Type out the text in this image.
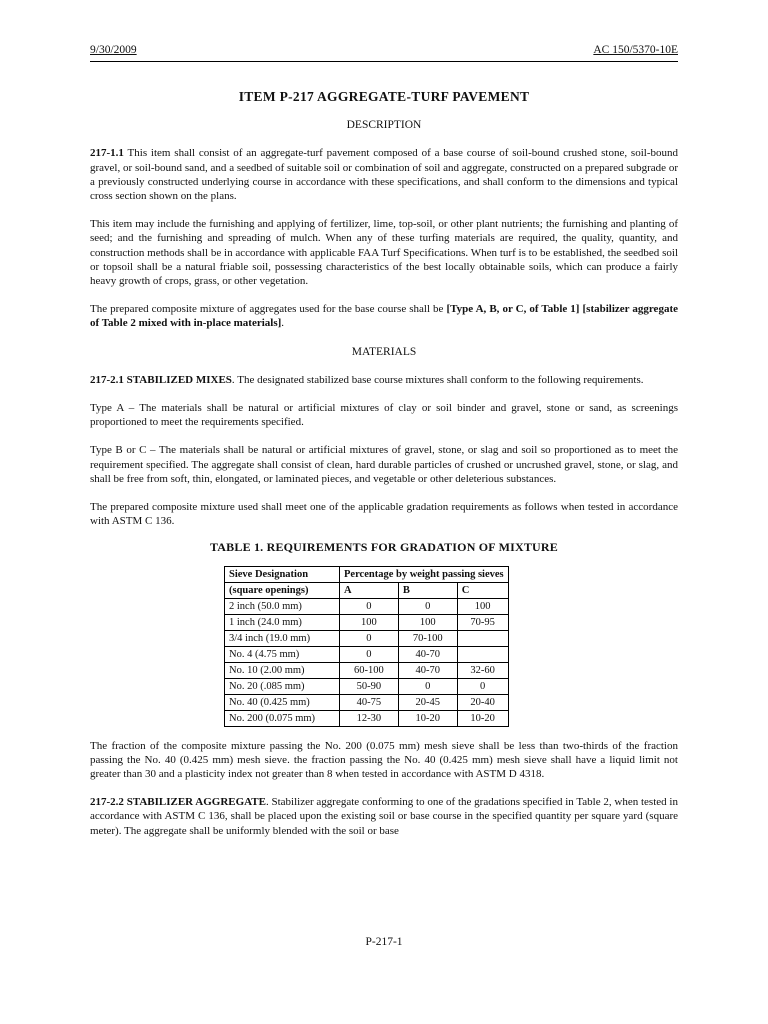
9/30/2009	AC 150/5370-10E
ITEM P-217 AGGREGATE-TURF PAVEMENT
DESCRIPTION

217-1.1 This item shall consist of an aggregate-turf pavement composed of a base course of soil-bound crushed stone, soil-bound gravel, or soil-bound sand, and a seedbed of suitable soil or combination of soil and aggregate, constructed on a prepared subgrade or a previously constructed underlying course in accordance with these specifications, and shall conform to the dimensions and typical cross section shown on the plans.

This item may include the furnishing and applying of fertilizer, lime, top-soil, or other plant nutrients; the furnishing and planting of seed; and the furnishing and spreading of mulch. When any of these turfing materials are required, the quality, quantity, and construction methods shall be in accordance with applicable FAA Turf Specifications. When turf is to be established, the seedbed soil or topsoil shall be a natural friable soil, possessing characteristics of the best locally obtainable soils, which can produce a fairly heavy growth of crops, grass, or other vegetation.

The prepared composite mixture of aggregates used for the base course shall be [Type A, B, or C, of Table 1] [stabilizer aggregate of Table 2 mixed with in-place materials].

MATERIALS

217-2.1 STABILIZED MIXES. The designated stabilized base course mixtures shall conform to the following requirements.

Type A – The materials shall be natural or artificial mixtures of clay or soil binder and gravel, stone or sand, as screenings proportioned to meet the requirements specified.

Type B or C – The materials shall be natural or artificial mixtures of gravel, stone, or slag and soil so proportioned as to meet the requirement specified. The aggregate shall consist of clean, hard durable particles of crushed or uncrushed gravel, stone, or slag, and shall be free from soft, thin, elongated, or laminated pieces, and vegetable or other deleterious substances.

The prepared composite mixture used shall meet one of the applicable gradation requirements as follows when tested in accordance with ASTM C 136.

TABLE 1. REQUIREMENTS FOR GRADATION OF MIXTURE
Sieve Designation	Percentage by weight passing sieves		
(square openings)	A	B	C
2 inch (50.0 mm)	0	0	100
1 inch (24.0 mm)	100	100	70-95
3/4 inch (19.0 mm)	0	70-100	
No. 4 (4.75 mm)	0	40-70	
No. 10 (2.00 mm)	60-100	40-70	32-60
No. 20 (.085 mm)	50-90	0	0
No. 40 (0.425 mm)	40-75	20-45	20-40
No. 200 (0.075 mm)	12-30	10-20	10-20

The fraction of the composite mixture passing the No. 200 (0.075 mm) mesh sieve shall be less than two-thirds of the fraction passing the No. 40 (0.425 mm) mesh sieve. the fraction passing the No. 40 (0.425 mm) mesh sieve shall have a liquid limit not greater than 30 and a plasticity index not greater than 8 when tested in accordance with ASTM D 4318.

217-2.2 STABILIZER AGGREGATE. Stabilizer aggregate conforming to one of the gradations specified in Table 2, when tested in accordance with ASTM C 136, shall be placed upon the existing soil or base course in the specified quantity per square yard (square meter). The aggregate shall be uniformly blended with the soil or base

P-217-1
